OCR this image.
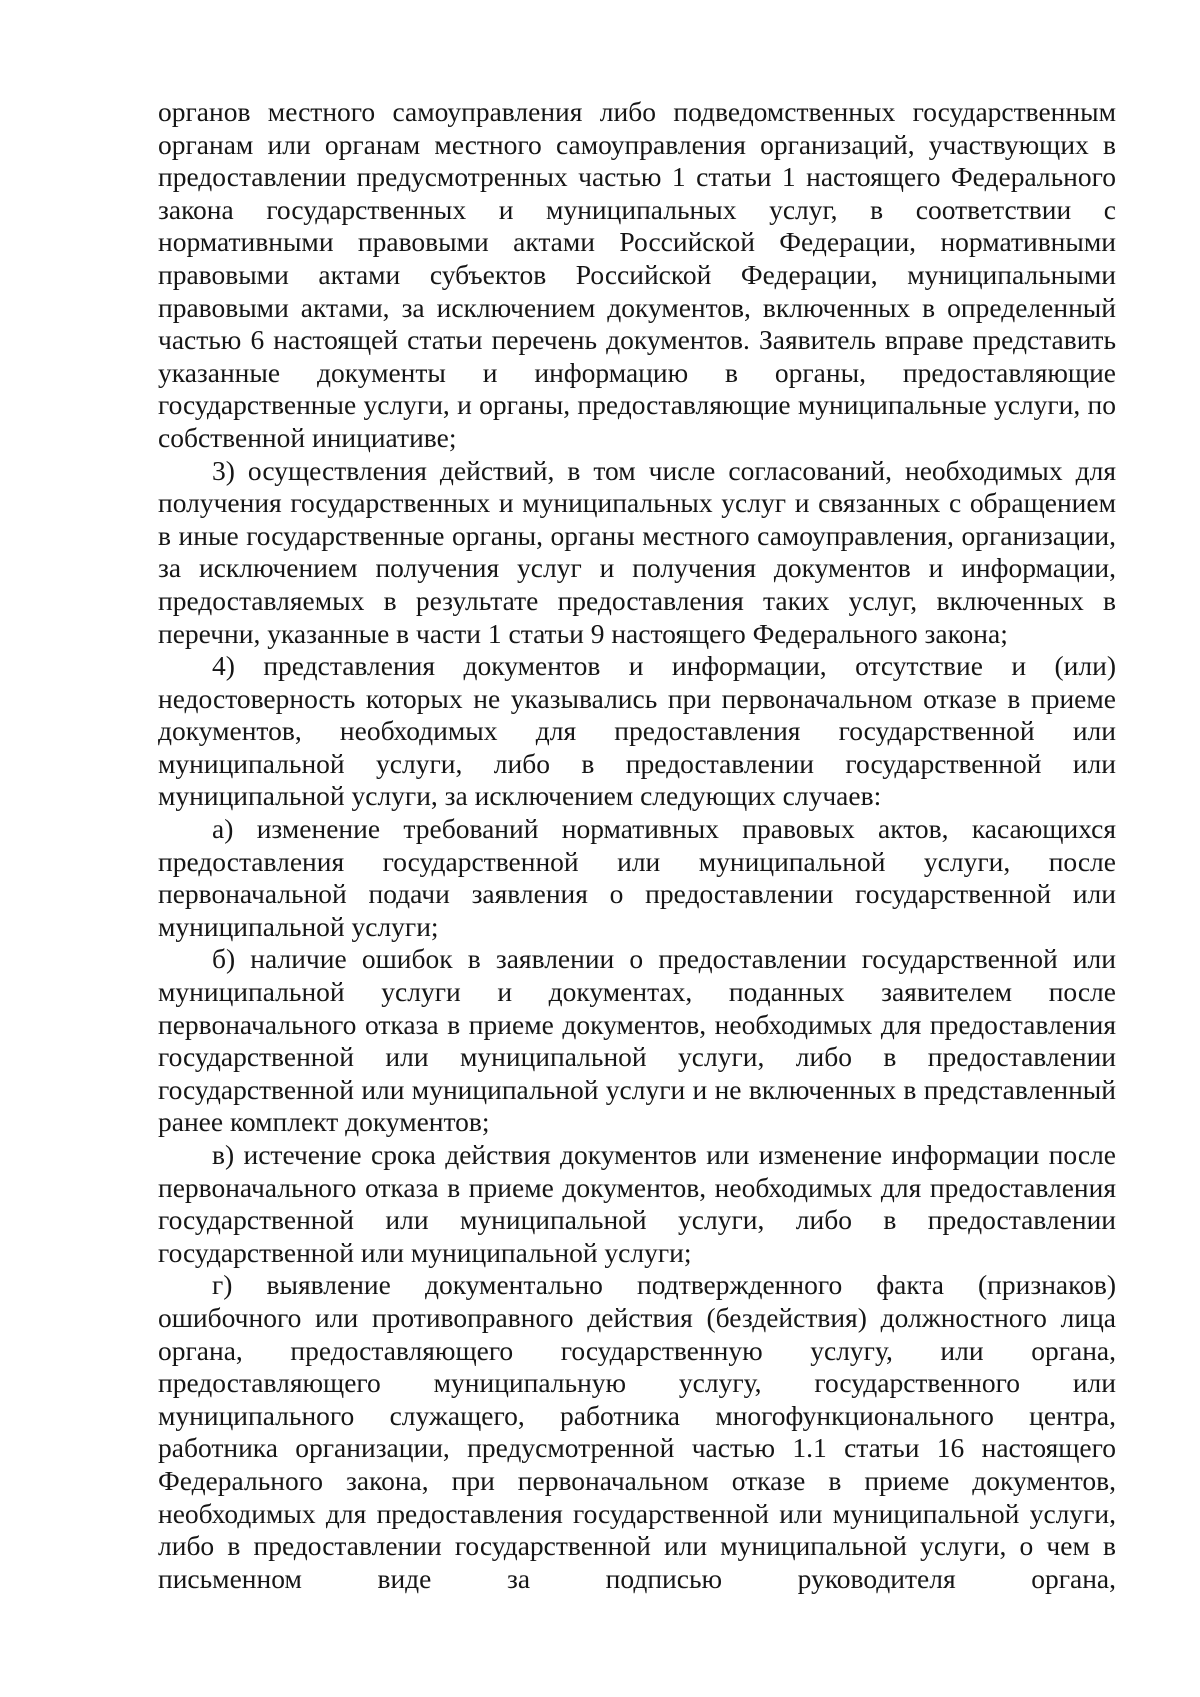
органов местного самоуправления либо подведомственных государственным органам или органам местного самоуправления организаций, участвующих в предоставлении предусмотренных частью 1 статьи 1 настоящего Федерального закона государственных и муниципальных услуг, в соответствии с нормативными правовыми актами Российской Федерации, нормативными правовыми актами субъектов Российской Федерации, муниципальными правовыми актами, за исключением документов, включенных в определенный частью 6 настоящей статьи перечень документов. Заявитель вправе представить указанные документы и информацию в органы, предоставляющие государственные услуги, и органы, предоставляющие муниципальные услуги, по собственной инициативе;

3) осуществления действий, в том числе согласований, необходимых для получения государственных и муниципальных услуг и связанных с обращением в иные государственные органы, органы местного самоуправления, организации, за исключением получения услуг и получения документов и информации, предоставляемых в результате предоставления таких услуг, включенных в перечни, указанные в части 1 статьи 9 настоящего Федерального закона;

4) представления документов и информации, отсутствие и (или) недостоверность которых не указывались при первоначальном отказе в приеме документов, необходимых для предоставления государственной или муниципальной услуги, либо в предоставлении государственной или муниципальной услуги, за исключением следующих случаев:

а) изменение требований нормативных правовых актов, касающихся предоставления государственной или муниципальной услуги, после первоначальной подачи заявления о предоставлении государственной или муниципальной услуги;

б) наличие ошибок в заявлении о предоставлении государственной или муниципальной услуги и документах, поданных заявителем после первоначального отказа в приеме документов, необходимых для предоставления государственной или муниципальной услуги, либо в предоставлении государственной или муниципальной услуги и не включенных в представленный ранее комплект документов;

в) истечение срока действия документов или изменение информации после первоначального отказа в приеме документов, необходимых для предоставления государственной или муниципальной услуги, либо в предоставлении государственной или муниципальной услуги;

г) выявление документально подтвержденного факта (признаков) ошибочного или противоправного действия (бездействия) должностного лица органа, предоставляющего государственную услугу, или органа, предоставляющего муниципальную услугу, государственного или муниципального служащего, работника многофункционального центра, работника организации, предусмотренной частью 1.1 статьи 16 настоящего Федерального закона, при первоначальном отказе в приеме документов, необходимых для предоставления государственной или муниципальной услуги, либо в предоставлении государственной или муниципальной услуги, о чем в письменном виде за подписью руководителя органа,
